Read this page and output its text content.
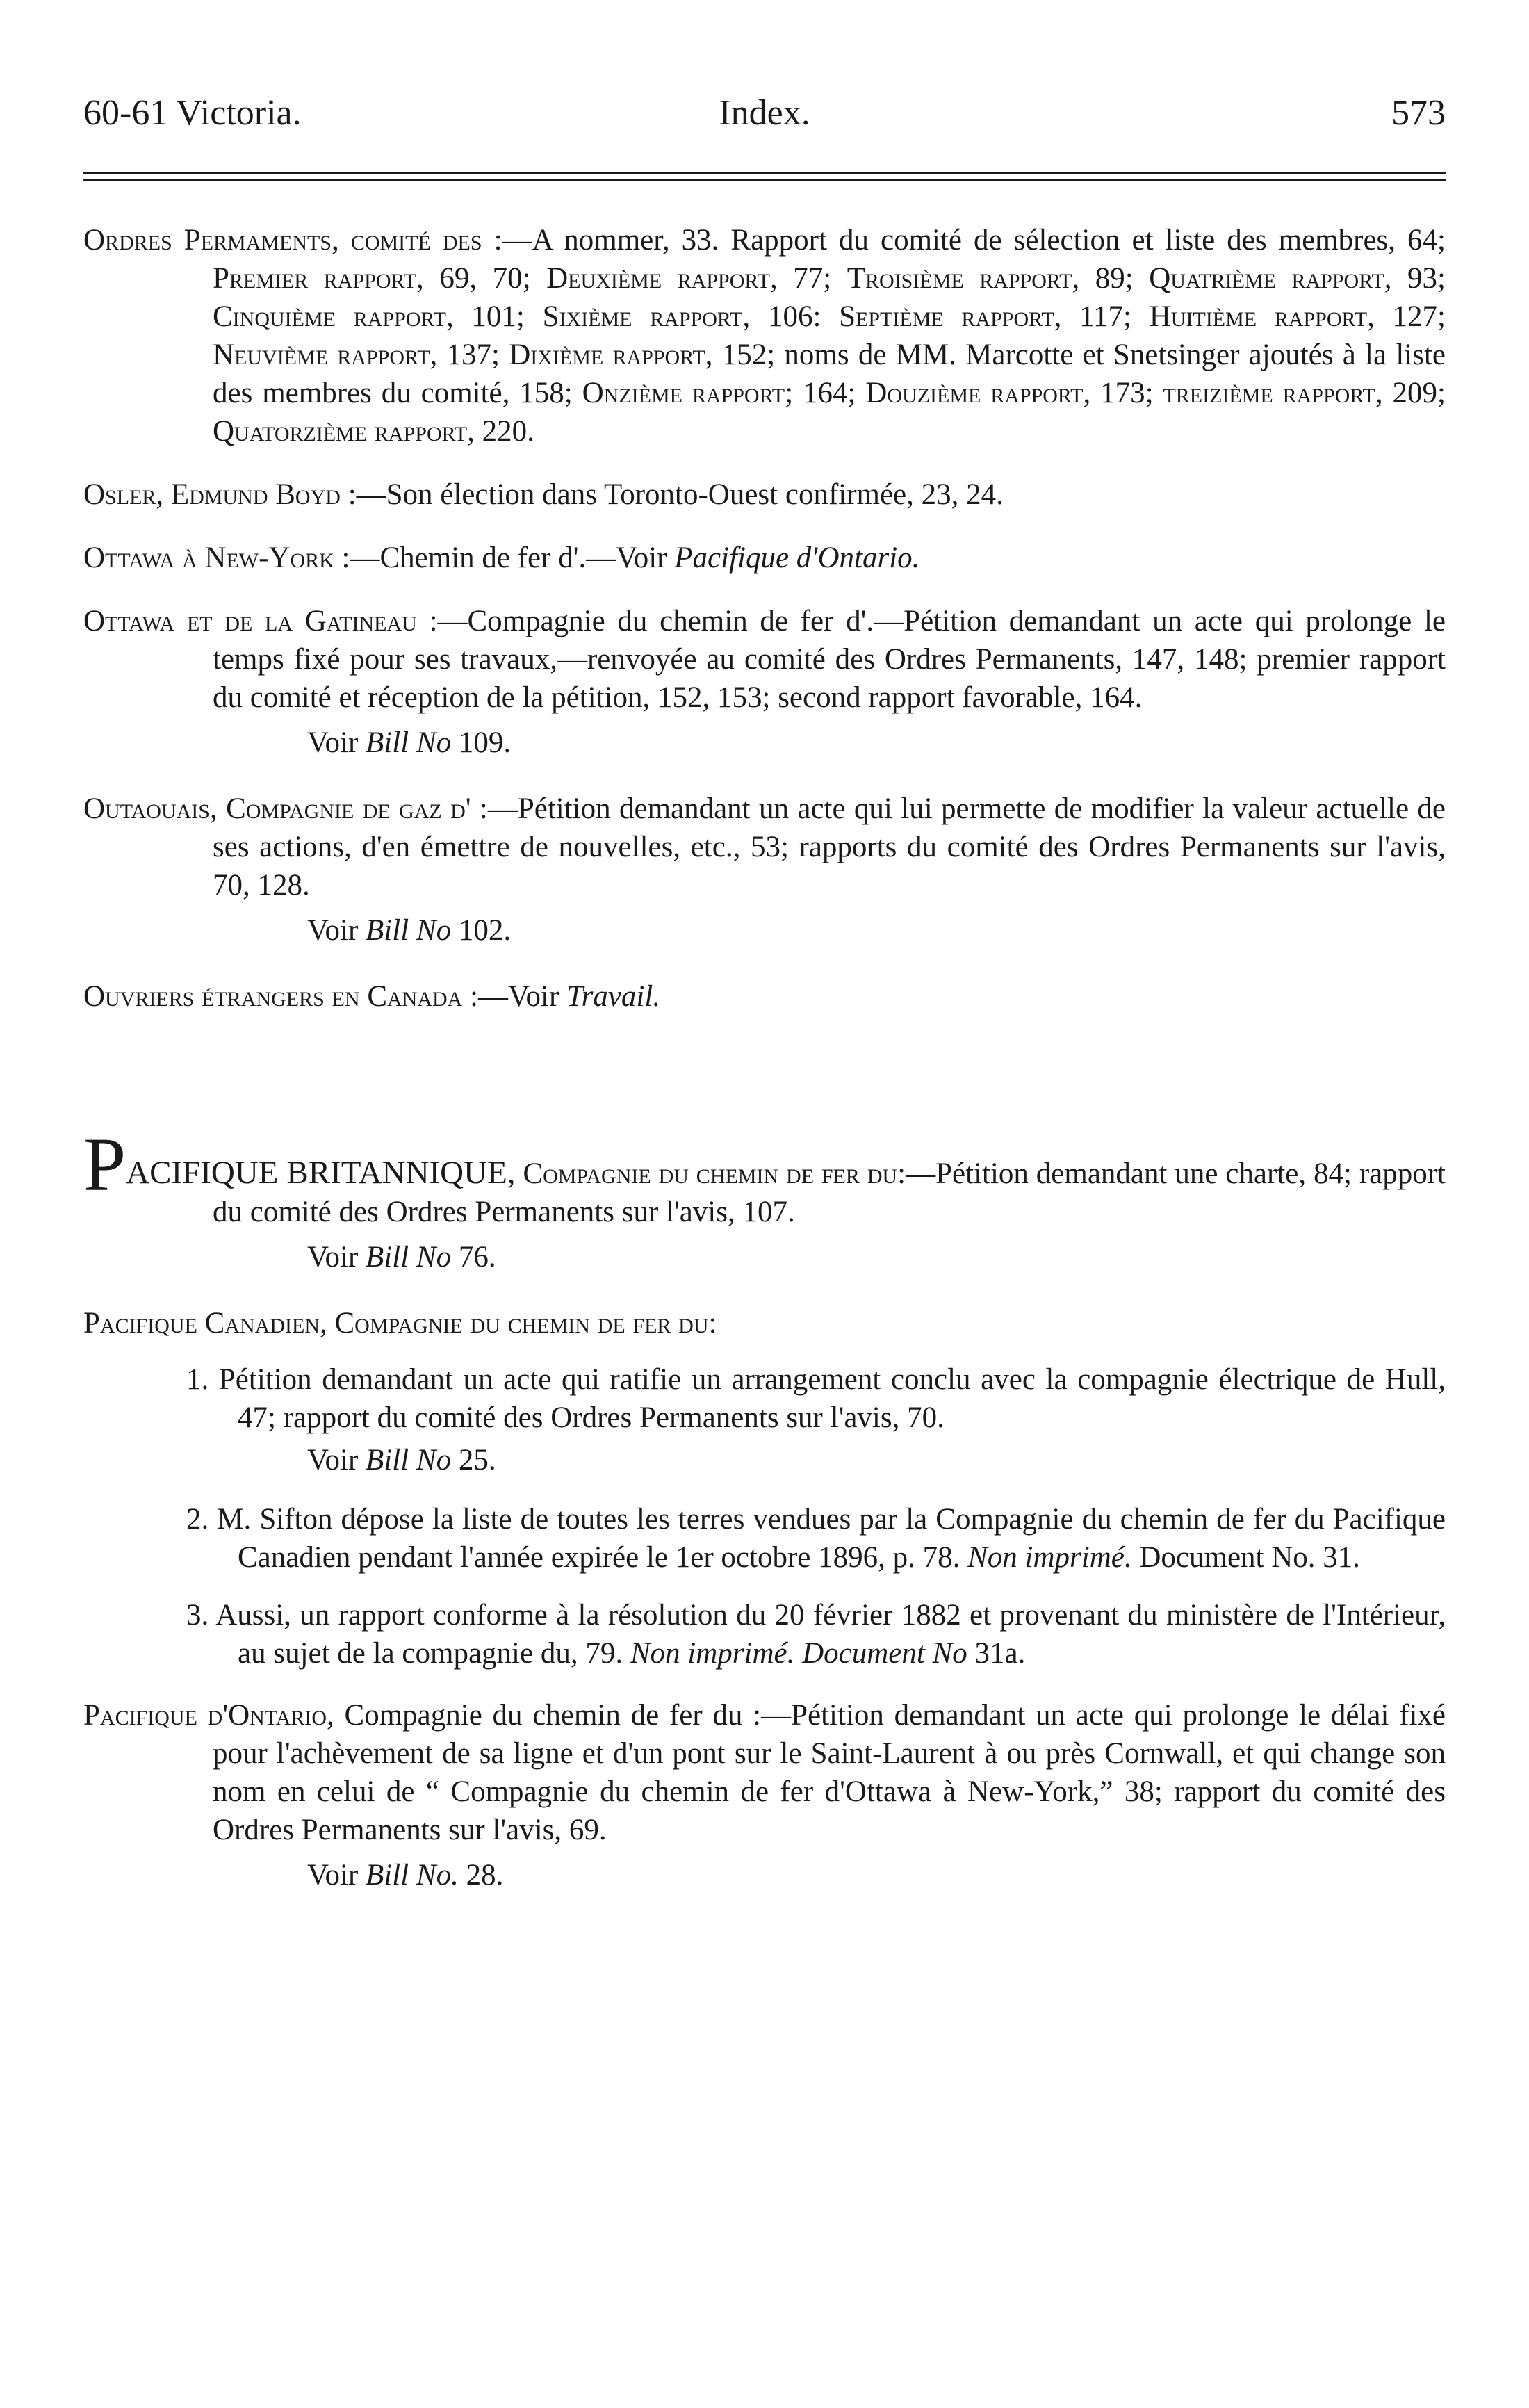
60-61 Victoria.	Index.	573

Ordres Permaments, comité des :—A nommer, 33. Rapport du comité de sélection et liste des membres, 64; Premier rapport, 69, 70; Deuxième rapport, 77; Troisième rapport, 89; Quatrième rapport, 93; Cinquième rapport, 101; Sixième rapport, 106: Septième rapport, 117; Huitième rapport, 127; Neuvième rapport, 137; Dixième rapport, 152; noms de MM. Marcotte et Snetsinger ajoutés à la liste des membres du comité, 158; Onzième rapport; 164; Douzième rapport, 173; treizième rapport, 209; Quatorzième rapport, 220.

Osler, Edmund Boyd :—Son élection dans Toronto-Ouest confirmée, 23, 24.

Ottawa à New-York :—Chemin de fer d'.—Voir Pacifique d'Ontario.

Ottawa et de la Gatineau :—Compagnie du chemin de fer d'.—Pétition demandant un acte qui prolonge le temps fixé pour ses travaux,—renvoyée au comité des Ordres Permanents, 147, 148; premier rapport du comité et réception de la pétition, 152, 153; second rapport favorable, 164.

Voir Bill No 109.

Outaouais, Compagnie de gaz d' :—Pétition demandant un acte qui lui permette de modifier la valeur actuelle de ses actions, d'en émettre de nouvelles, etc., 53; rapports du comité des Ordres Permanents sur l'avis, 70, 128.

Voir Bill No 102.

Ouvriers étrangers en Canada :—Voir Travail.

PACIFIQUE BRITANNIQUE, Compagnie du chemin de fer du:—Pétition demandant une charte, 84; rapport du comité des Ordres Permanents sur l'avis, 107.

Voir Bill No 76.

Pacifique Canadien, Compagnie du chemin de fer du:

1. Pétition demandant un acte qui ratifie un arrangement conclu avec la compagnie électrique de Hull, 47; rapport du comité des Ordres Permanents sur l'avis, 70.

Voir Bill No 25.

2. M. Sifton dépose la liste de toutes les terres vendues par la Compagnie du chemin de fer du Pacifique Canadien pendant l'année expirée le 1er octobre 1896, p. 78. Non imprimé. Document No. 31.

3. Aussi, un rapport conforme à la résolution du 20 février 1882 et provenant du ministère de l'Intérieur, au sujet de la compagnie du, 79. Non imprimé. Document No 31a.

Pacifique d'Ontario, Compagnie du chemin de fer du :—Pétition demandant un acte qui prolonge le délai fixé pour l'achèvement de sa ligne et d'un pont sur le Saint-Laurent à ou près Cornwall, et qui change son nom en celui de “ Compagnie du chemin de fer d'Ottawa à New-York,” 38; rapport du comité des Ordres Permanents sur l'avis, 69.

Voir Bill No. 28.
